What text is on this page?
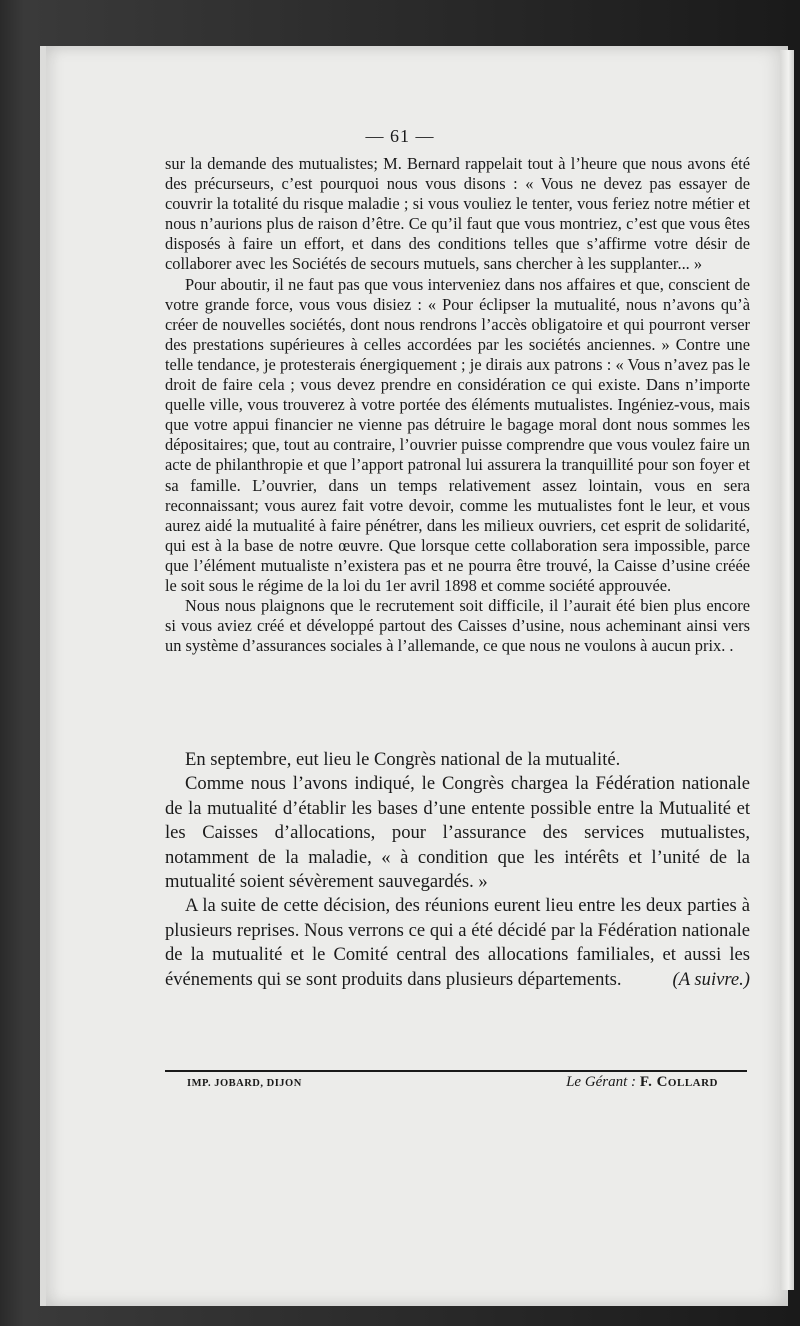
— 61 —

sur la demande des mutualistes; M. Bernard rappelait tout à l’heure que nous avons été des précurseurs, c’est pourquoi nous vous disons : « Vous ne devez pas essayer de couvrir la totalité du risque maladie ; si vous vouliez le tenter, vous feriez notre métier et nous n’aurions plus de raison d’être. Ce qu’il faut que vous montriez, c’est que vous êtes disposés à faire un effort, et dans des conditions telles que s’affirme votre désir de collaborer avec les Sociétés de secours mutuels, sans chercher à les supplanter... »

Pour aboutir, il ne faut pas que vous interveniez dans nos affaires et que, conscient de votre grande force, vous vous disiez : « Pour éclipser la mutualité, nous n’avons qu’à créer de nouvelles sociétés, dont nous rendrons l’accès obligatoire et qui pourront verser des prestations supérieures à celles accordées par les sociétés anciennes. » Contre une telle tendance, je protesterais énergiquement ; je dirais aux patrons : « Vous n’avez pas le droit de faire cela ; vous devez prendre en considération ce qui existe. Dans n’importe quelle ville, vous trouverez à votre portée des éléments mutualistes. Ingéniez-vous, mais que votre appui financier ne vienne pas détruire le bagage moral dont nous sommes les dépositaires; que, tout au contraire, l’ouvrier puisse comprendre que vous voulez faire un acte de philanthropie et que l’apport patronal lui assurera la tranquillité pour son foyer et sa famille. L’ouvrier, dans un temps relativement assez lointain, vous en sera reconnaissant; vous aurez fait votre devoir, comme les mutualistes font le leur, et vous aurez aidé la mutualité à faire pénétrer, dans les milieux ouvriers, cet esprit de solidarité, qui est à la base de notre œuvre. Que lorsque cette collaboration sera impossible, parce que l’élément mutualiste n’existera pas et ne pourra être trouvé, la Caisse d’usine créée le soit sous le régime de la loi du 1er avril 1898 et comme société approuvée.

Nous nous plaignons que le recrutement soit difficile, il l’aurait été bien plus encore si vous aviez créé et développé partout des Caisses d’usine, nous acheminant ainsi vers un système d’assurances sociales à l’allemande, ce que nous ne voulons à aucun prix. .

En septembre, eut lieu le Congrès national de la mutualité.

Comme nous l’avons indiqué, le Congrès chargea la Fédération nationale de la mutualité d’établir les bases d’une entente possible entre la Mutualité et les Caisses d’allocations, pour l’assurance des services mutualistes, notamment de la maladie, « à condition que les intérêts et l’unité de la mutualité soient sévèrement sauvegardés. »

A la suite de cette décision, des réunions eurent lieu entre les deux parties à plusieurs reprises. Nous verrons ce qui a été décidé par la Fédération nationale de la mutualité et le Comité central des allocations familiales, et aussi les événements qui se sont produits dans plusieurs départements.	(A suivre.)

IMP. JOBARD, DIJON	Le Gérant : F. Collard
